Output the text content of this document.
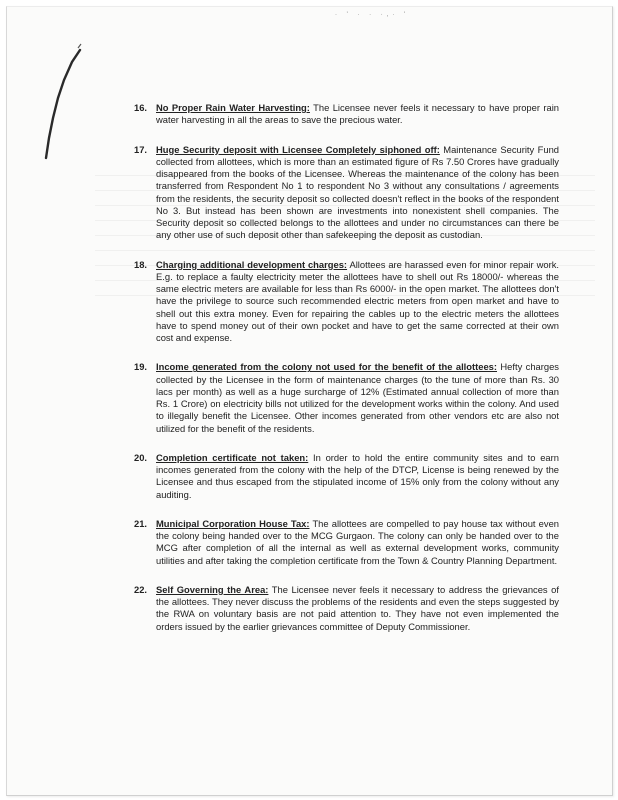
· ' · · ·,· '
16. No Proper Rain Water Harvesting: The Licensee never feels it necessary to have proper rain water harvesting in all the areas to save the precious water.
17. Huge Security deposit with Licensee Completely siphoned off: Maintenance Security Fund collected from allottees, which is more than an estimated figure of Rs 7.50 Crores have gradually disappeared from the books of the Licensee. Whereas the maintenance of the colony has been transferred from Respondent No 1 to respondent No 3 without any consultations / agreements from the residents, the security deposit so collected doesn't reflect in the books of the respondent No 3. But instead has been shown are investments into nonexistent shell companies. The Security deposit so collected belongs to the allottees and under no circumstances can there be any other use of such deposit other than safekeeping the deposit as custodian.
18. Charging additional development charges: Allottees are harassed even for minor repair work. E.g. to replace a faulty electricity meter the allottees have to shell out Rs 18000/- whereas the same electric meters are available for less than Rs 6000/- in the open market. The allottees don't have the privilege to source such recommended electric meters from open market and have to shell out this extra money. Even for repairing the cables up to the electric meters the allottees have to spend money out of their own pocket and have to get the same corrected at their own cost and expense.
19. Income generated from the colony not used for the benefit of the allottees: Hefty charges collected by the Licensee in the form of maintenance charges (to the tune of more than Rs. 30 lacs per month) as well as a huge surcharge of 12% (Estimated annual collection of more than Rs. 1 Crore) on electricity bills not utilized for the development works within the colony. And used to illegally benefit the Licensee. Other incomes generated from other vendors etc are also not utilized for the benefit of the residents.
20. Completion certificate not taken: In order to hold the entire community sites and to earn incomes generated from the colony with the help of the DTCP, License is being renewed by the Licensee and thus escaped from the stipulated income of 15% only from the colony without any auditing.
21. Municipal Corporation House Tax: The allottees are compelled to pay house tax without even the colony being handed over to the MCG Gurgaon. The colony can only be handed over to the MCG after completion of all the internal as well as external development works, community utilities and after taking the completion certificate from the Town & Country Planning Department.
22. Self Governing the Area: The Licensee never feels it necessary to address the grievances of the allottees. They never discuss the problems of the residents and even the steps suggested by the RWA on voluntary basis are not paid attention to. They have not even implemented the orders issued by the earlier grievances committee of Deputy Commissioner.
